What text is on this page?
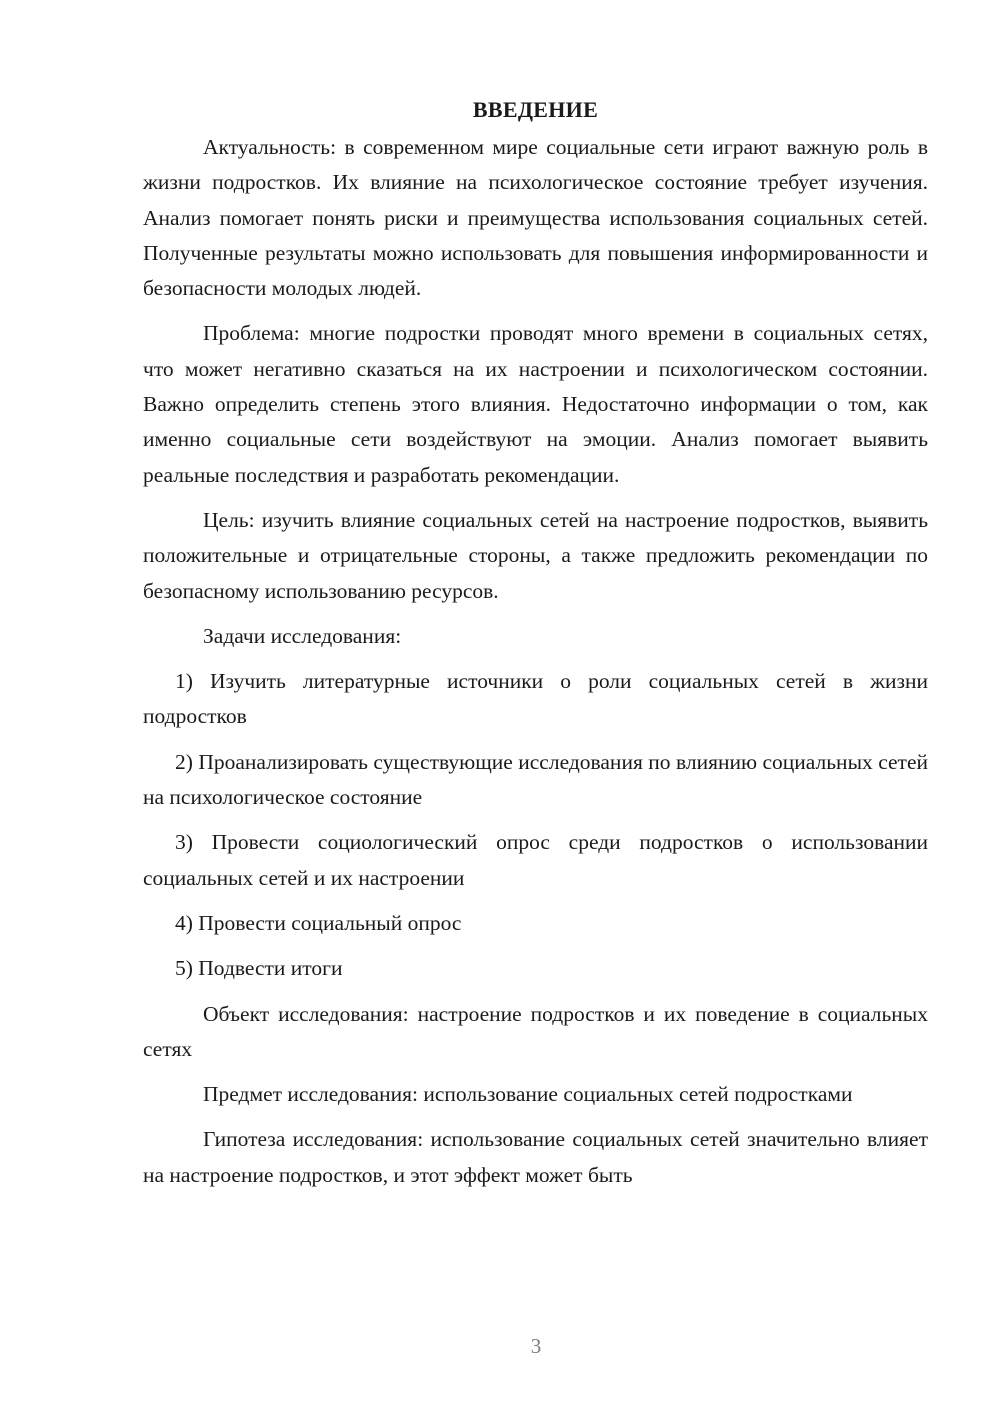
ВВЕДЕНИЕ

Актуальность: в современном мире социальные сети играют важную роль в жизни подростков. Их влияние на психологическое состояние требует изучения. Анализ помогает понять риски и преимущества использования социальных сетей. Полученные результаты можно использовать для повышения информированности и безопасности молодых людей.

Проблема: многие подростки проводят много времени в социальных сетях, что может негативно сказаться на их настроении и психологическом состоянии. Важно определить степень этого влияния. Недостаточно информации о том, как именно социальные сети воздействуют на эмоции. Анализ помогает выявить реальные последствия и разработать рекомендации.

Цель: изучить влияние социальных сетей на настроение подростков, выявить положительные и отрицательные стороны, а также предложить рекомендации по безопасному использованию ресурсов.

Задачи исследования:

1) Изучить литературные источники о роли социальных сетей в жизни подростков

2) Проанализировать существующие исследования по влиянию социальных сетей на психологическое состояние

3) Провести социологический опрос среди подростков о использовании социальных сетей и их настроении

4) Провести социальный опрос

5) Подвести итоги

Объект исследования: настроение подростков и их поведение в социальных сетях

Предмет исследования: использование социальных сетей подростками

Гипотеза исследования: использование социальных сетей значительно влияет на настроение подростков, и этот эффект может быть

3
